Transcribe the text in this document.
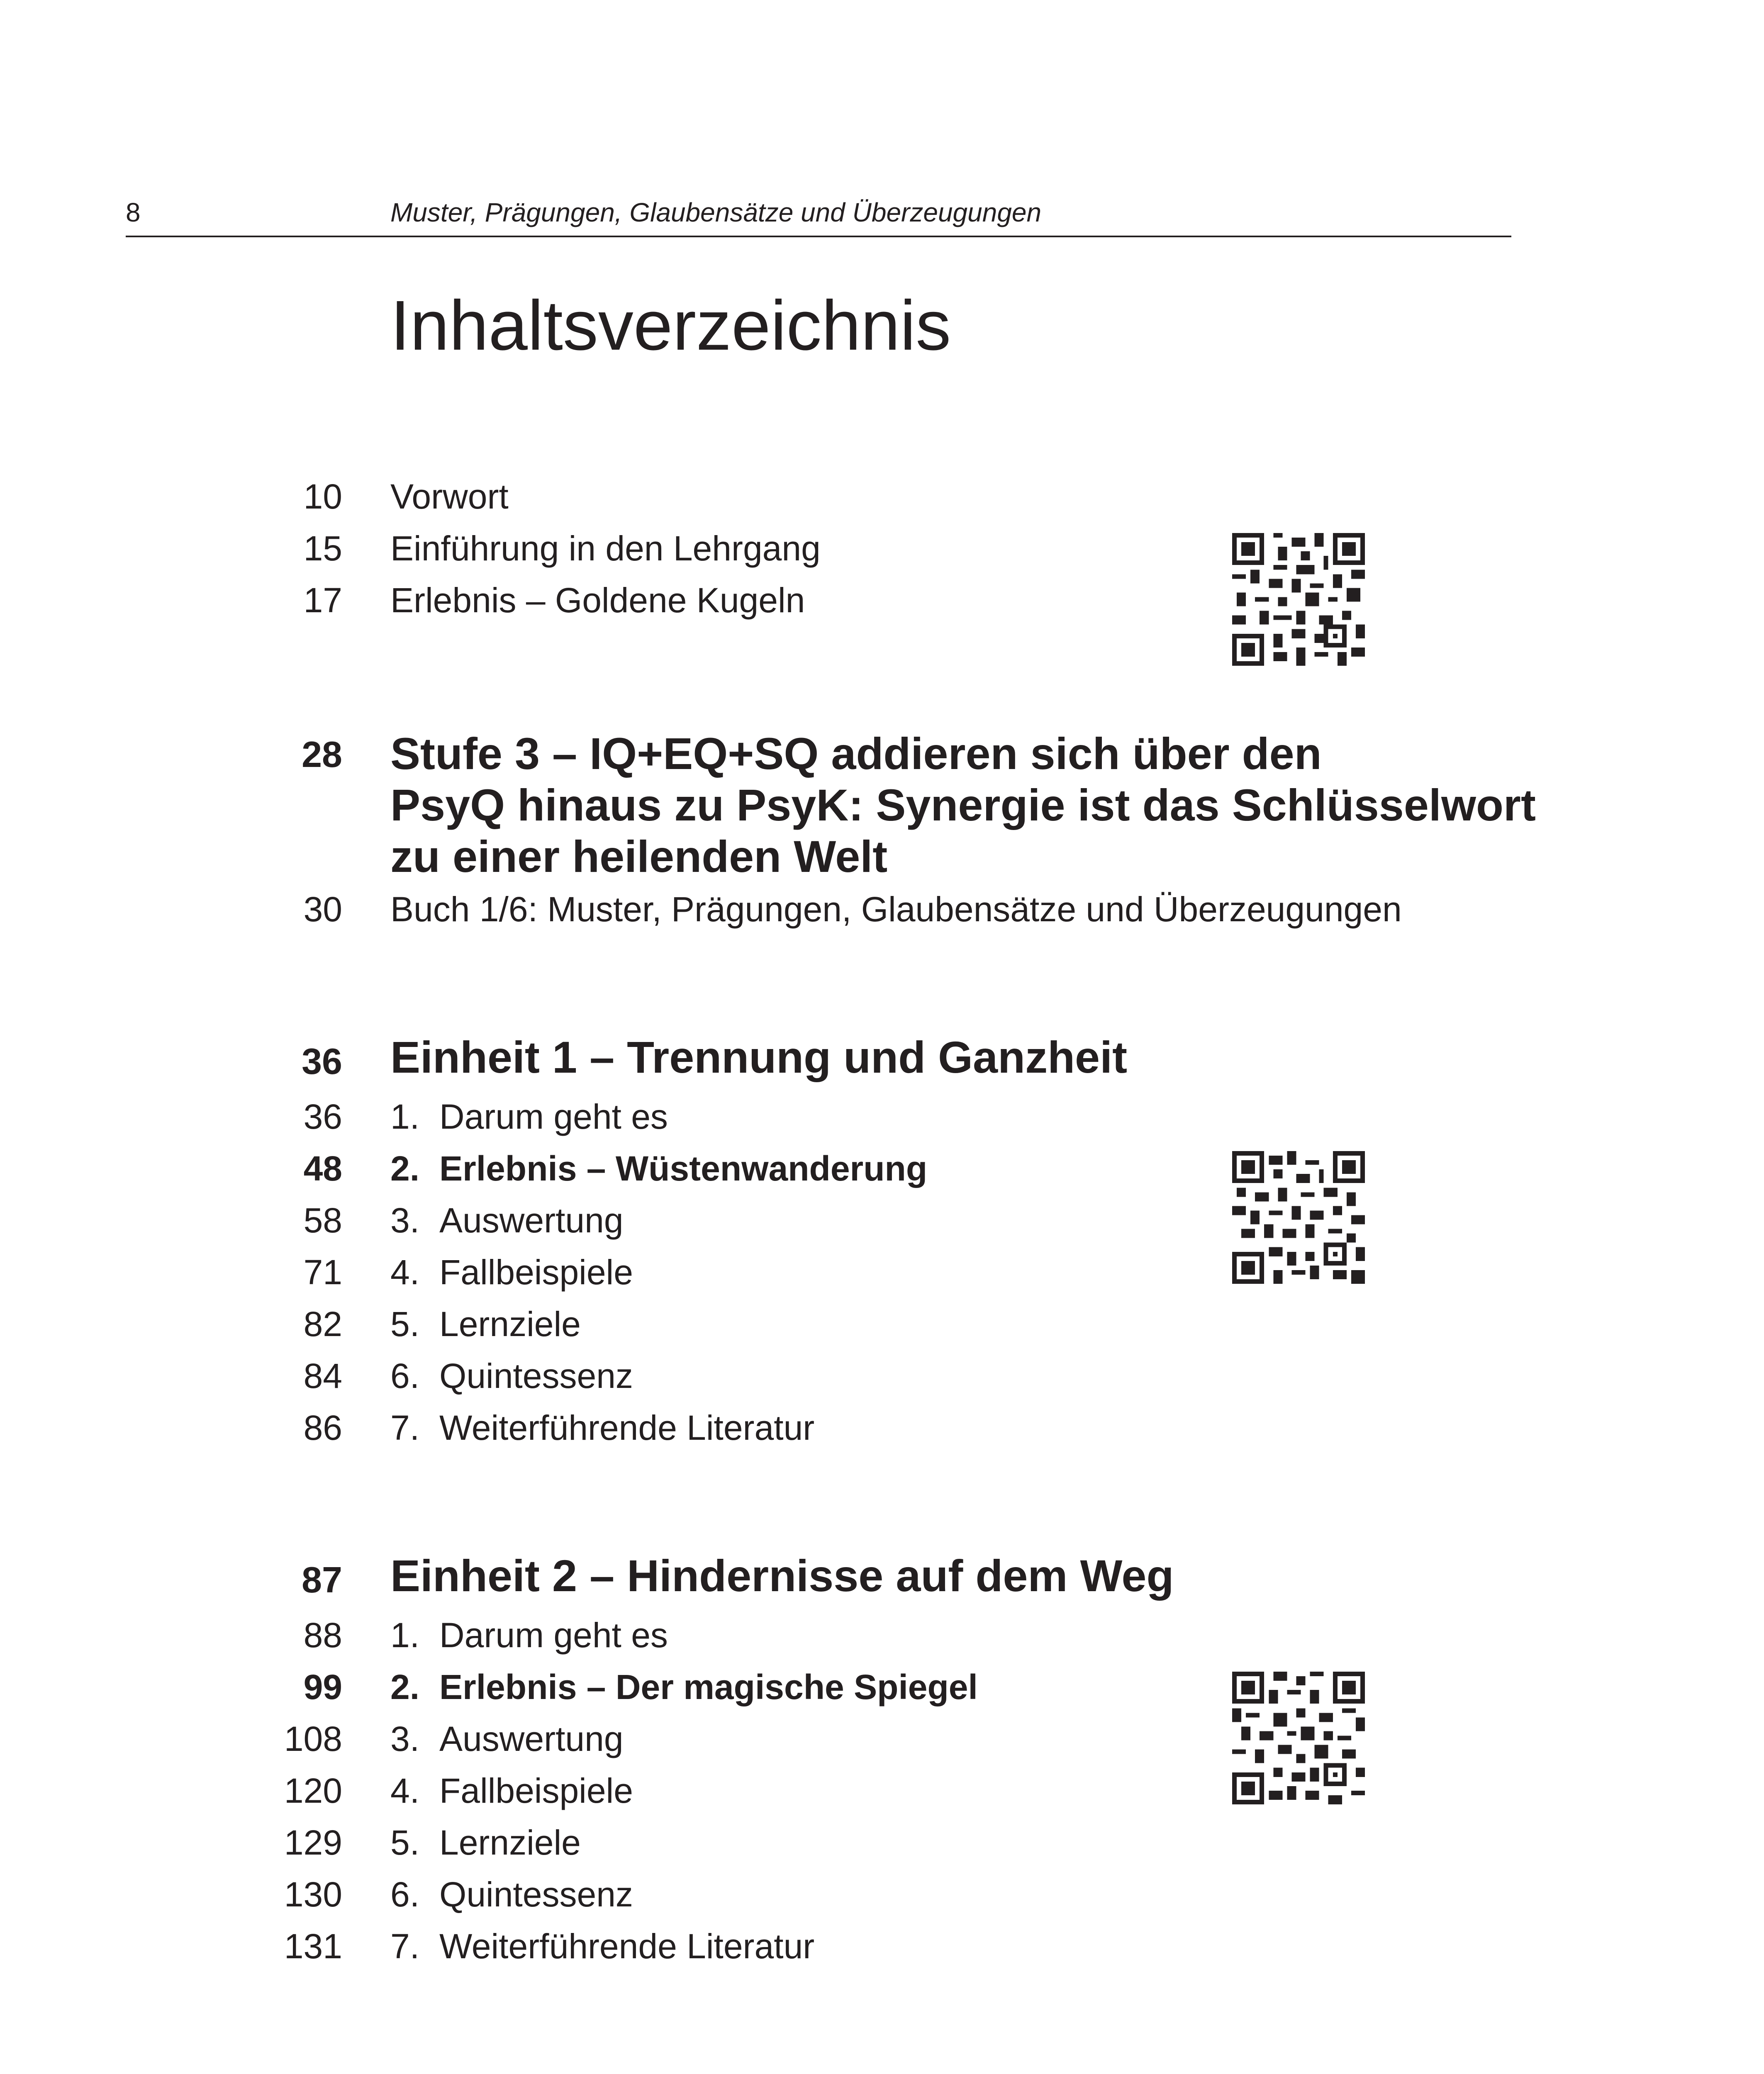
8	Muster, Prägungen, Glaubensätze und Überzeugungen
Inhaltsverzeichnis
10 Vorwort
15 Einführung in den Lehrgang
17 Erlebnis – Goldene Kugeln
28 Stufe 3 – IQ+EQ+SQ addieren sich über den
PsyQ hinaus zu PsyK: Synergie ist das Schlüsselwort
zu einer heilenden Welt
30 Buch 1/6: Muster, Prägungen, Glaubensätze und Überzeugungen
36 Einheit 1 – Trennung und Ganzheit
36 1. Darum geht es
48 2. Erlebnis – Wüstenwanderung
58 3. Auswertung
71 4. Fallbeispiele
82 5. Lernziele
84 6. Quintessenz
86 7. Weiterführende Literatur
87 Einheit 2 – Hindernisse auf dem Weg
88 1. Darum geht es
99 2. Erlebnis – Der magische Spiegel
108 3. Auswertung
120 4. Fallbeispiele
129 5. Lernziele
130 6. Quintessenz
131 7. Weiterführende Literatur
